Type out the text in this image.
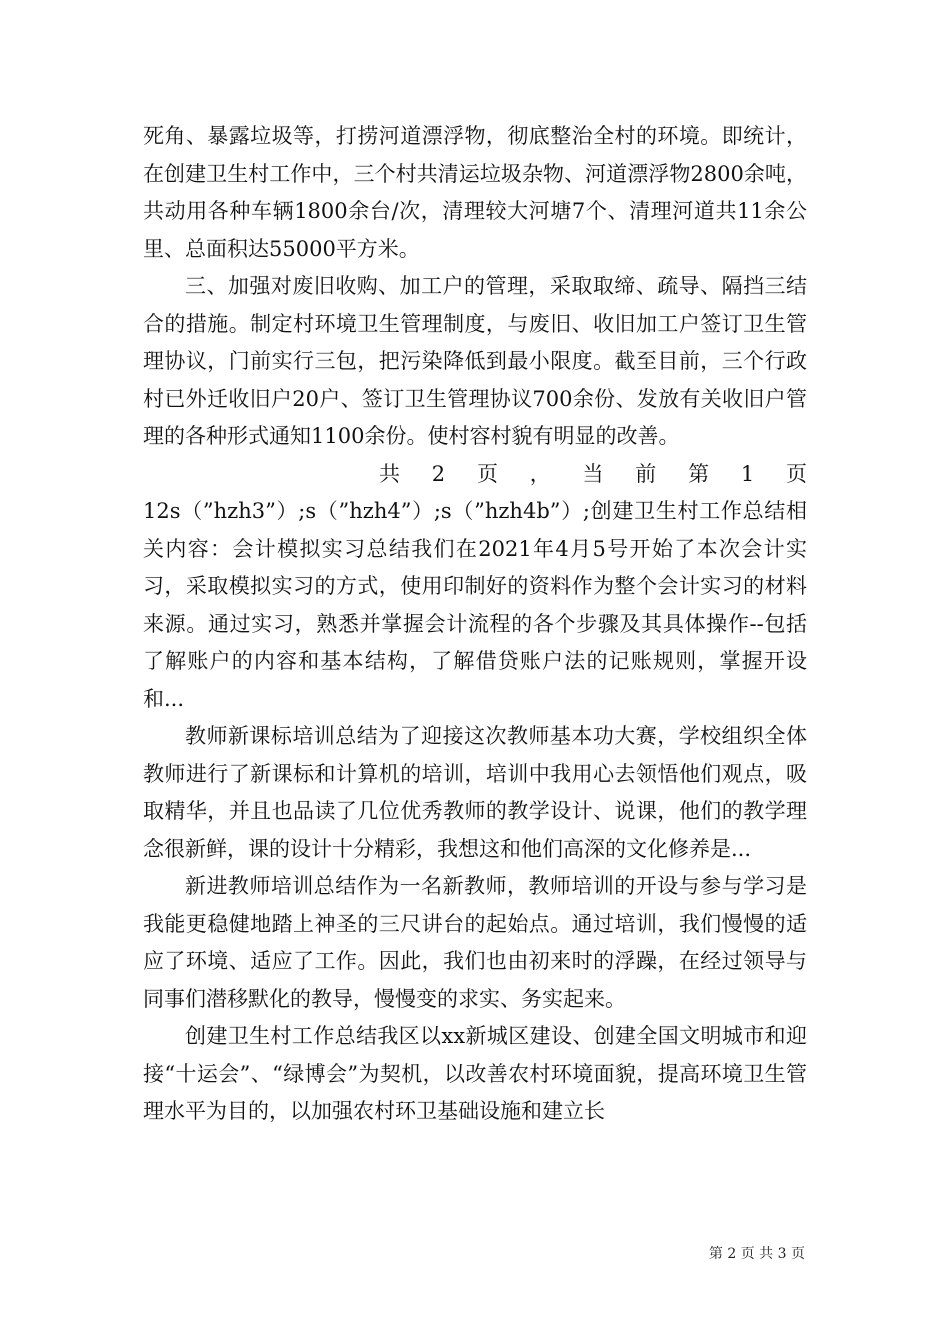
死角、暴露垃圾等，打捞河道漂浮物，彻底整治全村的环境。即统计，在创建卫生村工作中，三个村共清运垃圾杂物、河道漂浮物2800余吨，共动用各种车辆1800余台/次，清理较大河塘7个、清理河道共11余公里、总面积达55000平方米。

三、加强对废旧收购、加工户的管理，采取取缔、疏导、隔挡三结合的措施。制定村环境卫生管理制度，与废旧、收旧加工户签订卫生管理协议，门前实行三包，把污染降低到最小限度。截至目前，三个行政村已外迁收旧户20户、签订卫生管理协议700余份、发放有关收旧户管理的各种形式通知1100余份。使村容村貌有明显的改善。

共 2 页 ， 当 前 第 1 页

12s（”hzh3”）;s（”hzh4”）;s（”hzh4b”）;创建卫生村工作总结相关内容：会计模拟实习总结我们在2021年4月5号开始了本次会计实习，采取模拟实习的方式，使用印制好的资料作为整个会计实习的材料来源。通过实习，熟悉并掌握会计流程的各个步骤及其具体操作--包括了解账户的内容和基本结构，了解借贷账户法的记账规则，掌握开设和...

教师新课标培训总结为了迎接这次教师基本功大赛，学校组织全体教师进行了新课标和计算机的培训，培训中我用心去领悟他们观点，吸取精华，并且也品读了几位优秀教师的教学设计、说课，他们的教学理念很新鲜，课的设计十分精彩，我想这和他们高深的文化修养是...

新进教师培训总结作为一名新教师，教师培训的开设与参与学习是我能更稳健地踏上神圣的三尺讲台的起始点。通过培训，我们慢慢的适应了环境、适应了工作。因此，我们也由初来时的浮躁，在经过领导与同事们潜移默化的教导，慢慢变的求实、务实起来。

创建卫生村工作总结我区以xx新城区建设、创建全国文明城市和迎接“十运会”、“绿博会”为契机，以改善农村环境面貌，提高环境卫生管理水平为目的，以加强农村环卫基础设施和建立长

第 2 页 共 3 页
